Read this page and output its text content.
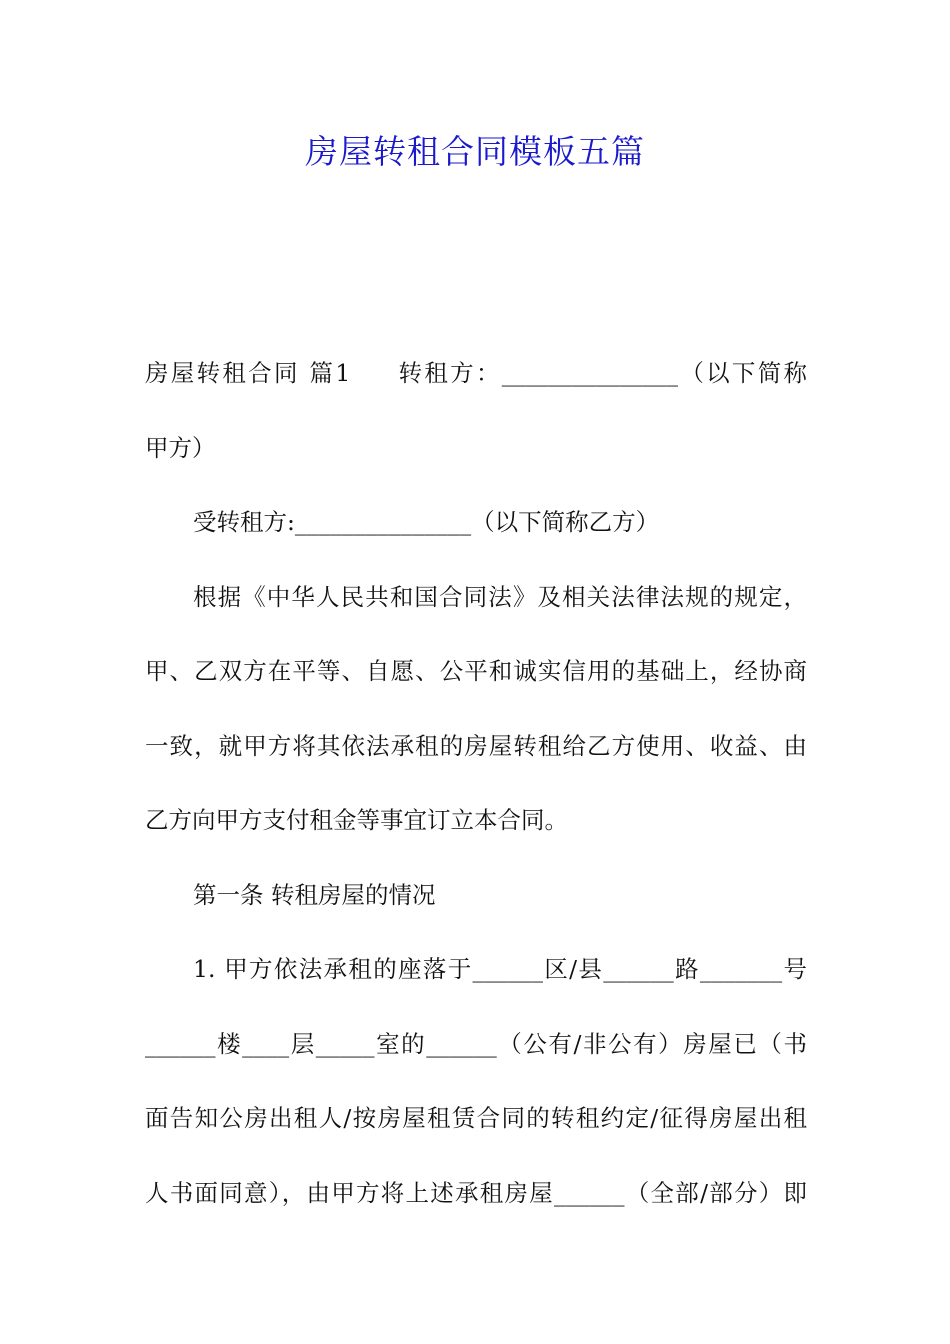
房屋转租合同模板五篇
房屋转租合同 篇1 转租方：_______________（以下简称
甲方）
受转租方:_______________（以下简称乙方）
根据《中华人民共和国合同法》及相关法律法规的规定，
甲、乙双方在平等、自愿、公平和诚实信用的基础上，经协商
一致，就甲方将其依法承租的房屋转租给乙方使用、收益、由
乙方向甲方支付租金等事宜订立本合同。
第一条 转租房屋的情况
1. 甲方依法承租的座落于______区/县______路_______号
______楼____层_____室的______（公有/非公有）房屋已（书
面告知公房出租人/按房屋租赁合同的转租约定/征得房屋出租
人书面同意），由甲方将上述承租房屋______（全部/部分）即
